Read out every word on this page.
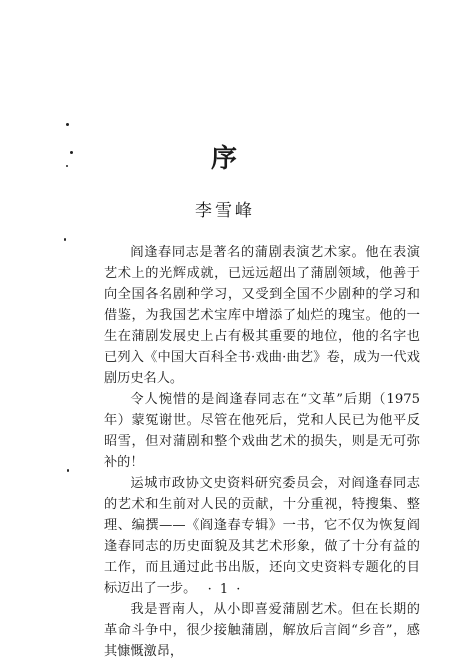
序
李雪峰

阎逢春同志是著名的蒲剧表演艺术家。他在表演艺术上的光辉成就，已远远超出了蒲剧领域，他善于向全国各名剧种学习，又受到全国不少剧种的学习和借鉴，为我国艺术宝库中增添了灿烂的瑰宝。他的一生在蒲剧发展史上占有极其重要的地位，他的名字也已列入《中国大百科全书·戏曲·曲艺》卷，成为一代戏剧历史名人。

令人惋惜的是阎逢春同志在“文革”后期（1975年）蒙冤谢世。尽管在他死后，党和人民已为他平反昭雪，但对蒲剧和整个戏曲艺术的损失，则是无可弥补的！

运城市政协文史资料研究委员会，对阎逢春同志的艺术和生前对人民的贡献，十分重视，特搜集、整理、编撰——《阎逢春专辑》一书，它不仅为恢复阎逢春同志的历史面貌及其艺术形象，做了十分有益的工作，而且通过此书出版，还向文史资料专题化的目标迈出了一步。

我是晋南人，从小即喜爱蒲剧艺术。但在长期的革命斗争中，很少接触蒲剧，解放后言阎“乡音”，感其慷慨激昂，

· 1 ·
